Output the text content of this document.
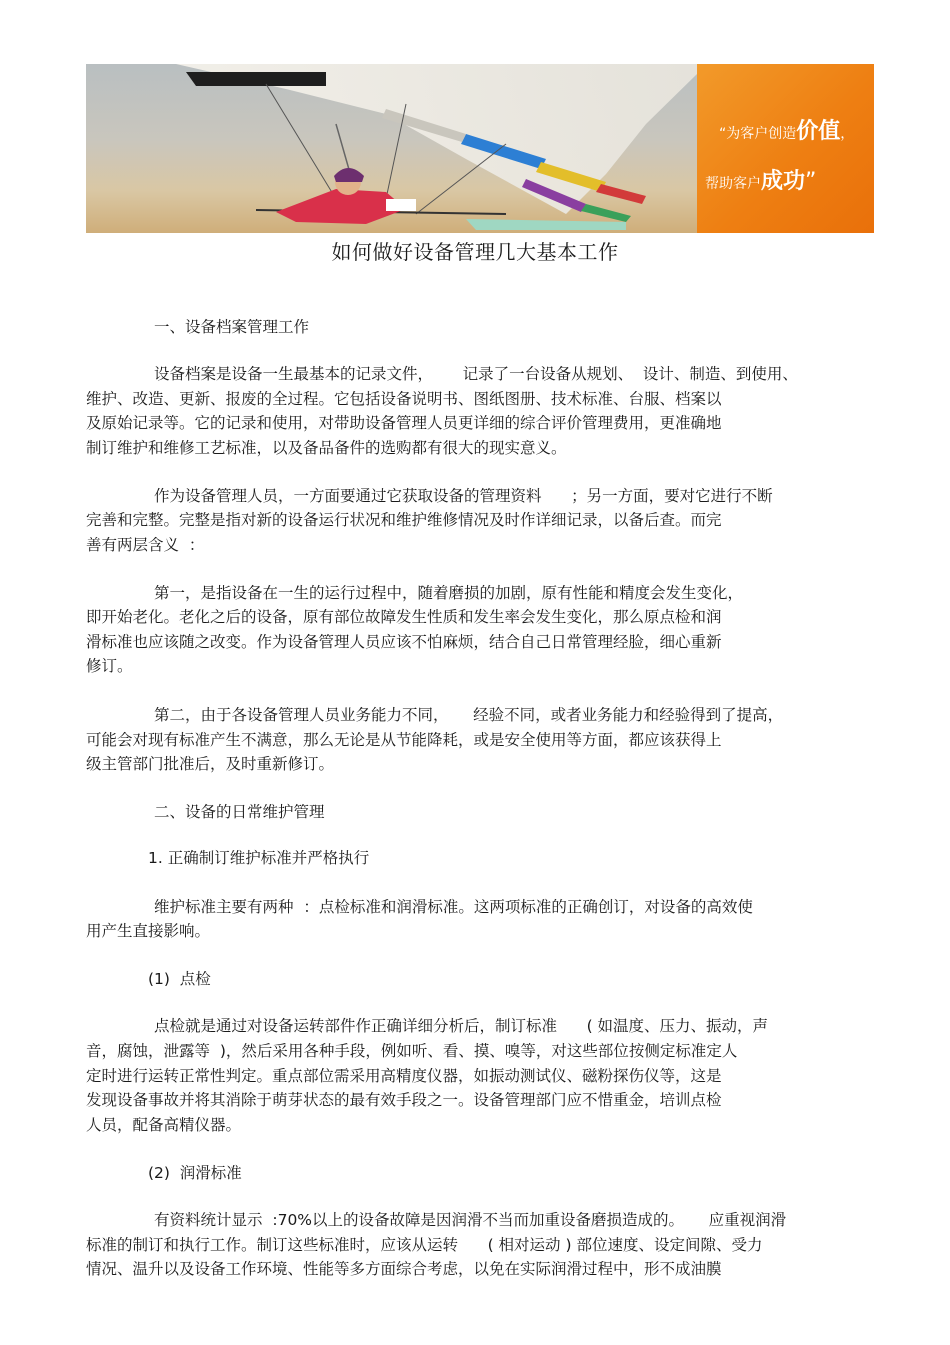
“为客户创造价值，
帮助客户成功”
如何做好设备管理几大基本工作
一、设备档案管理工作
设备档案是设备一生最基本的记录文件，      记录了一台设备从规划、  设计、制造、到使用、
维护、改造、更新、报废的全过程。它包括设备说明书、图纸图册、技术标准、台服、档案以
及原始记录等。它的记录和使用，对带助设备管理人员更详细的综合评价管理费用，更准确地
制订维护和维修工艺标准，以及备品备件的选购都有很大的现实意义。
作为设备管理人员，一方面要通过它获取设备的管理资料      ；另一方面，要对它进行不断
完善和完整。完整是指对新的设备运行状况和维护维修情况及时作详细记录，以备后查。而完
善有两层含义  ：
第一，是指设备在一生的运行过程中，随着磨损的加剧，原有性能和精度会发生变化，
即开始老化。老化之后的设备，原有部位故障发生性质和发生率会发生变化，那么原点检和润
滑标准也应该随之改变。作为设备管理人员应该不怕麻烦，结合自己日常管理经脸，细心重新
修订。
第二，由于各设备管理人员业务能力不同，     经验不同，或者业务能力和经验得到了提高，
可能会对现有标准产生不满意，那么无论是从节能降耗，或是安全使用等方面，都应该获得上
级主管部门批准后，及时重新修订。
二、设备的日常维护管理
1. 正确制订维护标准并严格执行
维护标准主要有两种  ：点检标准和润滑标准。这两项标准的正确创订，对设备的高效使
用产生直接影响。
(1)  点检
点检就是通过对设备运转部件作正确详细分析后，制订标准      ( 如温度、压力、振动，声
音，腐蚀，泄露等  )，然后采用各种手段，例如听、看、摸、嗅等，对这些部位按侧定标准定人
定时进行运转正常性判定。重点部位需采用高精度仪器，如振动测试仪、磁粉探伤仪等，这是
发现设备事故并将其消除于萌芽状态的最有效手段之一。设备管理部门应不惜重金，培训点检
人员，配备高精仪器。
(2)  润滑标准
有资料统计显示  :70%以上的设备故障是因润滑不当而加重设备磨损造成的。     应重视润滑
标准的制订和执行工作。制订这些标准时，应该从运转      ( 相对运动 ) 部位速度、设定间隙、受力
情况、温升以及设备工作环境、性能等多方面综合考虑，以免在实际润滑过程中，形不成油膜
